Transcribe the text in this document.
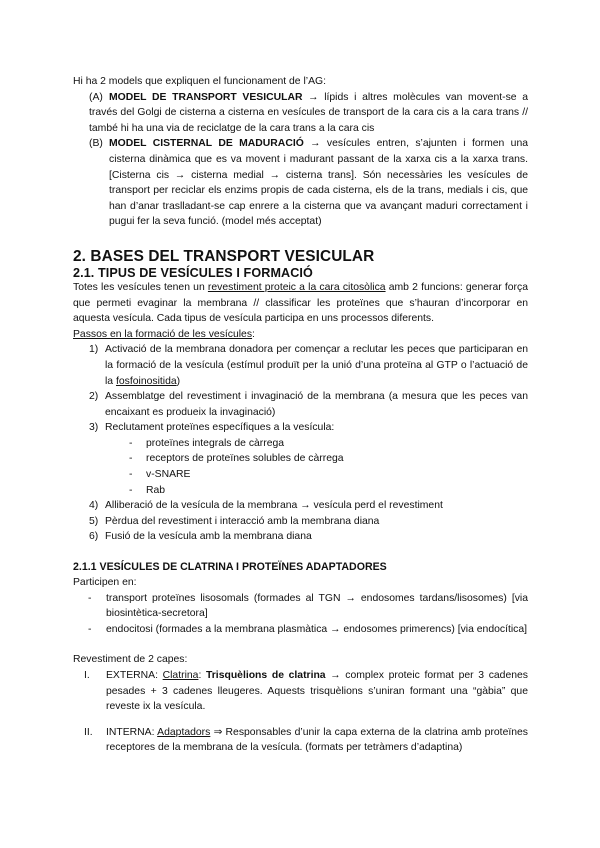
Hi ha 2 models que expliquen el funcionament de l’AG:

(A) MODEL DE TRANSPORT VESICULAR → lípids i altres molècules van movent-se a través del Golgi de cisterna a cisterna en vesícules de transport de la cara cis a la cara trans // també hi ha una via de reciclatge de la cara trans a la cara cis

(B) MODEL CISTERNAL DE MADURACIÓ → vesícules entren, s’ajunten i formen una cisterna dinàmica que es va movent i madurant passant de la xarxa cis a la xarxa trans. [Cisterna cis → cisterna medial → cisterna trans]. Són necessàries les vesícules de transport per reciclar els enzims propis de cada cisterna, els de la trans, medials i cis, que han d’anar traslladant-se cap enrere a la cisterna que va avançant maduri correctament i pugui fer la seva funció. (model més acceptat)

2. BASES DEL TRANSPORT VESICULAR
2.1. TIPUS DE VESÍCULES I FORMACIÓ

Totes les vesícules tenen un revestiment proteic a la cara citosòlica amb 2 funcions: generar força que permeti evaginar la membrana // classificar les proteïnes que s’hauran d’incorporar en aquesta vesícula. Cada tipus de vesícula participa en uns processos diferents.

Passos en la formació de les vesícules:

1) Activació de la membrana donadora per començar a reclutar les peces que participaran en la formació de la vesícula (estímul produït per la unió d’una proteïna al GTP o l’actuació de la fosfoinositida)

2) Assemblatge del revestiment i invaginació de la membrana (a mesura que les peces van encaixant es produeix la invaginació)

3) Reclutament proteïnes específiques a la vesícula:

- proteïnes integrals de càrrega

- receptors de proteïnes solubles de càrrega

- v-SNARE

- Rab

4) Alliberació de la vesícula de la membrana → vesícula perd el revestiment

5) Pèrdua del revestiment i interacció amb la membrana diana

6) Fusió de la vesícula amb la membrana diana

2.1.1 VESÍCULES DE CLATRINA I PROTEÏNES ADAPTADORES

Participen en:

- transport proteïnes lisosomals (formades al TGN → endosomes tardans/lisosomes) [via biosintètica-secretora]

- endocitosi (formades a la membrana plasmàtica → endosomes primerencs) [via endocítica]

Revestiment de 2 capes:

I. EXTERNA: Clatrina: Trisquèlions de clatrina → complex proteic format per 3 cadenes pesades + 3 cadenes lleugeres. Aquests trisquèlions s’uniran formant una “gàbia” que reveste ix la vesícula.

II. INTERNA: Adaptadors ⇒ Responsables d’unir la capa externa de la clatrina amb proteïnes receptores de la membrana de la vesícula. (formats per tetràmers d’adaptina)
